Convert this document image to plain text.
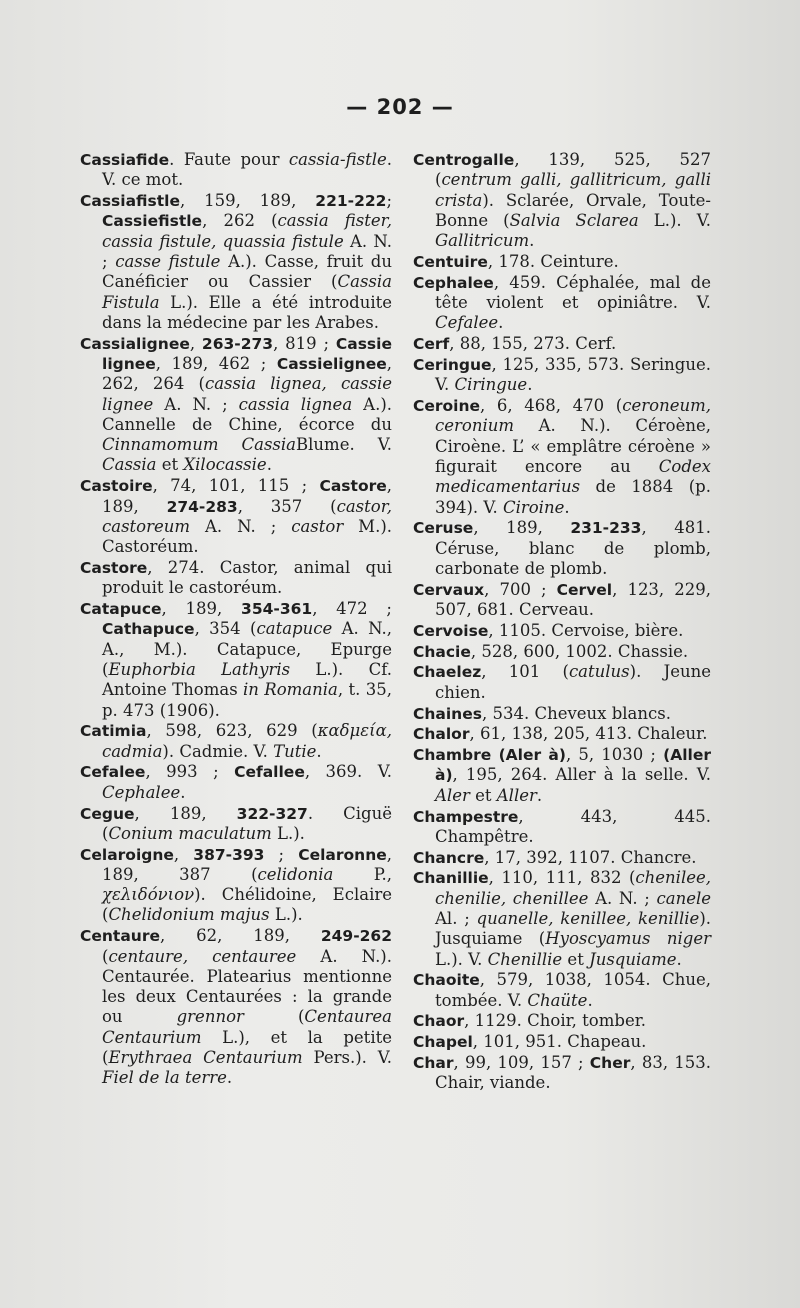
— 202 —

Cassiafide. Faute pour cassia-fistle. V. ce mot.

Cassiafistle, 159, 189, 221-222; Cassiefistle, 262 (cassia fister, cassia fistule, quassia fistule A. N. ; casse fistule A.). Casse, fruit du Canéficier ou Cassier (Cassia Fistula L.). Elle a été introduite dans la médecine par les Arabes.

Cassialignee, 263-273, 819 ; Cassie lignee, 189, 462 ; Cassielignee, 262, 264 (cassia lignea, cassie lignee A. N. ; cassia lignea A.). Cannelle de Chine, écorce du Cinnamomum CassiaBlume. V. Cassia et Xilocassie.

Castoire, 74, 101, 115 ; Castore, 189, 274-283, 357 (castor, castoreum A. N. ; castor M.). Castoréum.

Castore, 274. Castor, animal qui produit le castoréum.

Catapuce, 189, 354-361, 472 ; Cathapuce, 354 (catapuce A. N., A., M.). Catapuce, Epurge (Euphorbia Lathyris L.). Cf. Antoine Thomas in Romania, t. 35, p. 473 (1906).

Catimia, 598, 623, 629 (καδμεία, cadmia). Cadmie. V. Tutie.

Cefalee, 993 ; Cefallee, 369. V. Cephalee.

Cegue, 189, 322-327. Ciguë (Conium maculatum L.).

Celaroigne, 387-393 ; Celaronne, 189, 387 (celidonia P., χελιδόνιον). Chélidoine, Eclaire (Chelidonium majus L.).

Centaure, 62, 189, 249-262 (centaure, centauree A. N.). Centaurée. Platearius mentionne les deux Centaurées : la grande ou grennor (Centaurea Centaurium L.), et la petite (Erythraea Centaurium Pers.). V. Fiel de la terre.

Centrogalle, 139, 525, 527 (centrum galli, gallitricum, galli crista). Sclarée, Orvale, Toute-Bonne (Salvia Sclarea L.). V. Gallitricum.

Centuire, 178. Ceinture.

Cephalee, 459. Céphalée, mal de tête violent et opiniâtre. V. Cefalee.

Cerf, 88, 155, 273. Cerf.

Ceringue, 125, 335, 573. Seringue. V. Ciringue.

Ceroine, 6, 468, 470 (ceroneum, ceronium A. N.). Céroène, Ciroène. L’ « emplâtre céroène » figurait encore au Codex medicamentarius de 1884 (p. 394). V. Ciroine.

Ceruse, 189, 231-233, 481. Céruse, blanc de plomb, carbonate de plomb.

Cervaux, 700 ; Cervel, 123, 229, 507, 681. Cerveau.

Cervoise, 1105. Cervoise, bière.

Chacie, 528, 600, 1002. Chassie.

Chaelez, 101 (catulus). Jeune chien.

Chaines, 534. Cheveux blancs.

Chalor, 61, 138, 205, 413. Chaleur.

Chambre (Aler à), 5, 1030 ; (Aller à), 195, 264. Aller à la selle. V. Aler et Aller.

Champestre, 443, 445. Champêtre.

Chancre, 17, 392, 1107. Chancre.

Chanillie, 110, 111, 832 (chenilee, chenilie, chenillee A. N. ; canele Al. ; quanelle, kenillee, kenillie). Jusquiame (Hyoscyamus niger L.). V. Chenillie et Jusquiame.

Chaoite, 579, 1038, 1054. Chue, tombée. V. Chaüte.

Chaor, 1129. Choir, tomber.

Chapel, 101, 951. Chapeau.

Char, 99, 109, 157 ; Cher, 83, 153. Chair, viande.
